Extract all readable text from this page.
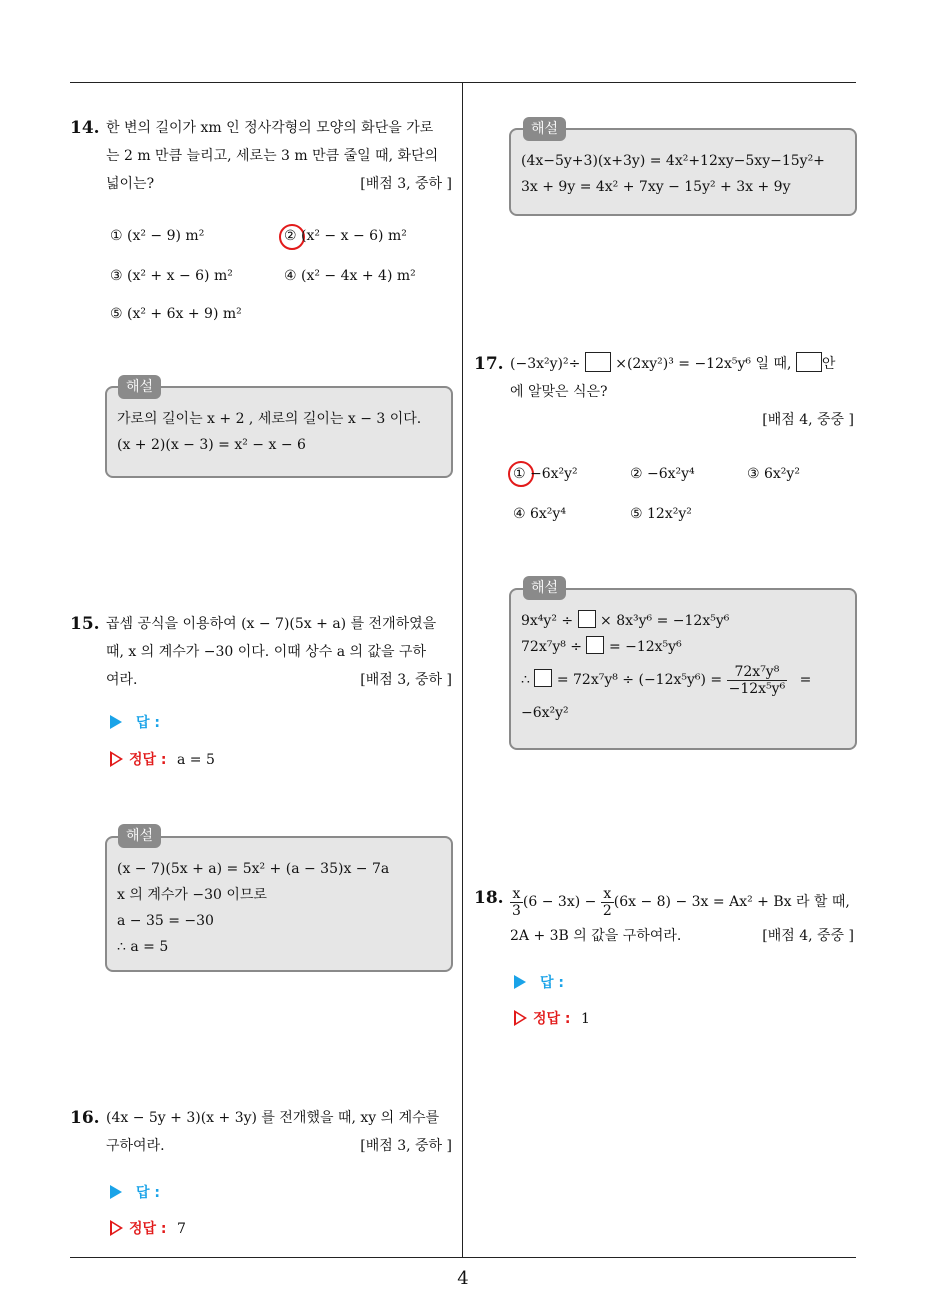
4
14. 한 변의 길이가 xm 인 정사각형의 모양의 화단을 가로
는 2 m 만큼 늘리고, 세로는 3 m 만큼 줄일 때, 화단의
넓이는?	[배점 3, 중하 ]
① (x² − 9) m²	② (x² − x − 6) m²
③ (x² + x − 6) m²	④ (x² − 4x + 4) m²
⑤ (x² + 6x + 9) m²
가로의 길이는 x + 2 , 세로의 길이는 x − 3 이다.
(x + 2)(x − 3) = x² − x − 6
해설
15. 곱셈 공식을 이용하여 (x − 7)(5x + a) 를 전개하였을
때, x 의 계수가 −30 이다. 이때 상수 a 의 값을 구하
여라.	[배점 3, 중하 ]
답 :
정답 : a = 5
(x − 7)(5x + a) = 5x² + (a − 35)x − 7a
x 의 계수가 −30 이므로
a − 35 = −30
∴ a = 5
해설
16. (4x − 5y + 3)(x + 3y) 를 전개했을 때, xy 의 계수를
구하여라.	[배점 3, 중하 ]
답 :
정답 : 7
(4x−5y+3)(x+3y) = 4x²+12xy−5xy−15y²+
3x + 9y = 4x² + 7xy − 15y² + 3x + 9y
해설
17. (−3x²y)²÷ ×(2xy²)³ = −12x⁵y⁶ 일 때, 안
에 알맞은 식은?
[배점 4, 중중 ]
① −6x²y²	② −6x²y⁴	③ 6x²y²
④ 6x²y⁴	⑤ 12x²y²
9x⁴y² ÷ × 8x³y⁶ = −12x⁵y⁶
72x⁷y⁸ ÷ = −12x⁵y⁶
∴ = $72x^7y^8 \div (-12x^5y^6) = \frac{\text{72x⁷y⁸}}{\text{−12x⁵y⁶}}$ =
−6x²y²
해설
18. $\frac{x}{3} (6 - 3x) - \frac{x}{2} (6x - 8) - 3x = Ax^2 + Bx$ 라 할 때,
2A + 3B 의 값을 구하여라.	[배점 4, 중중 ]
답 :
정답 : 1
